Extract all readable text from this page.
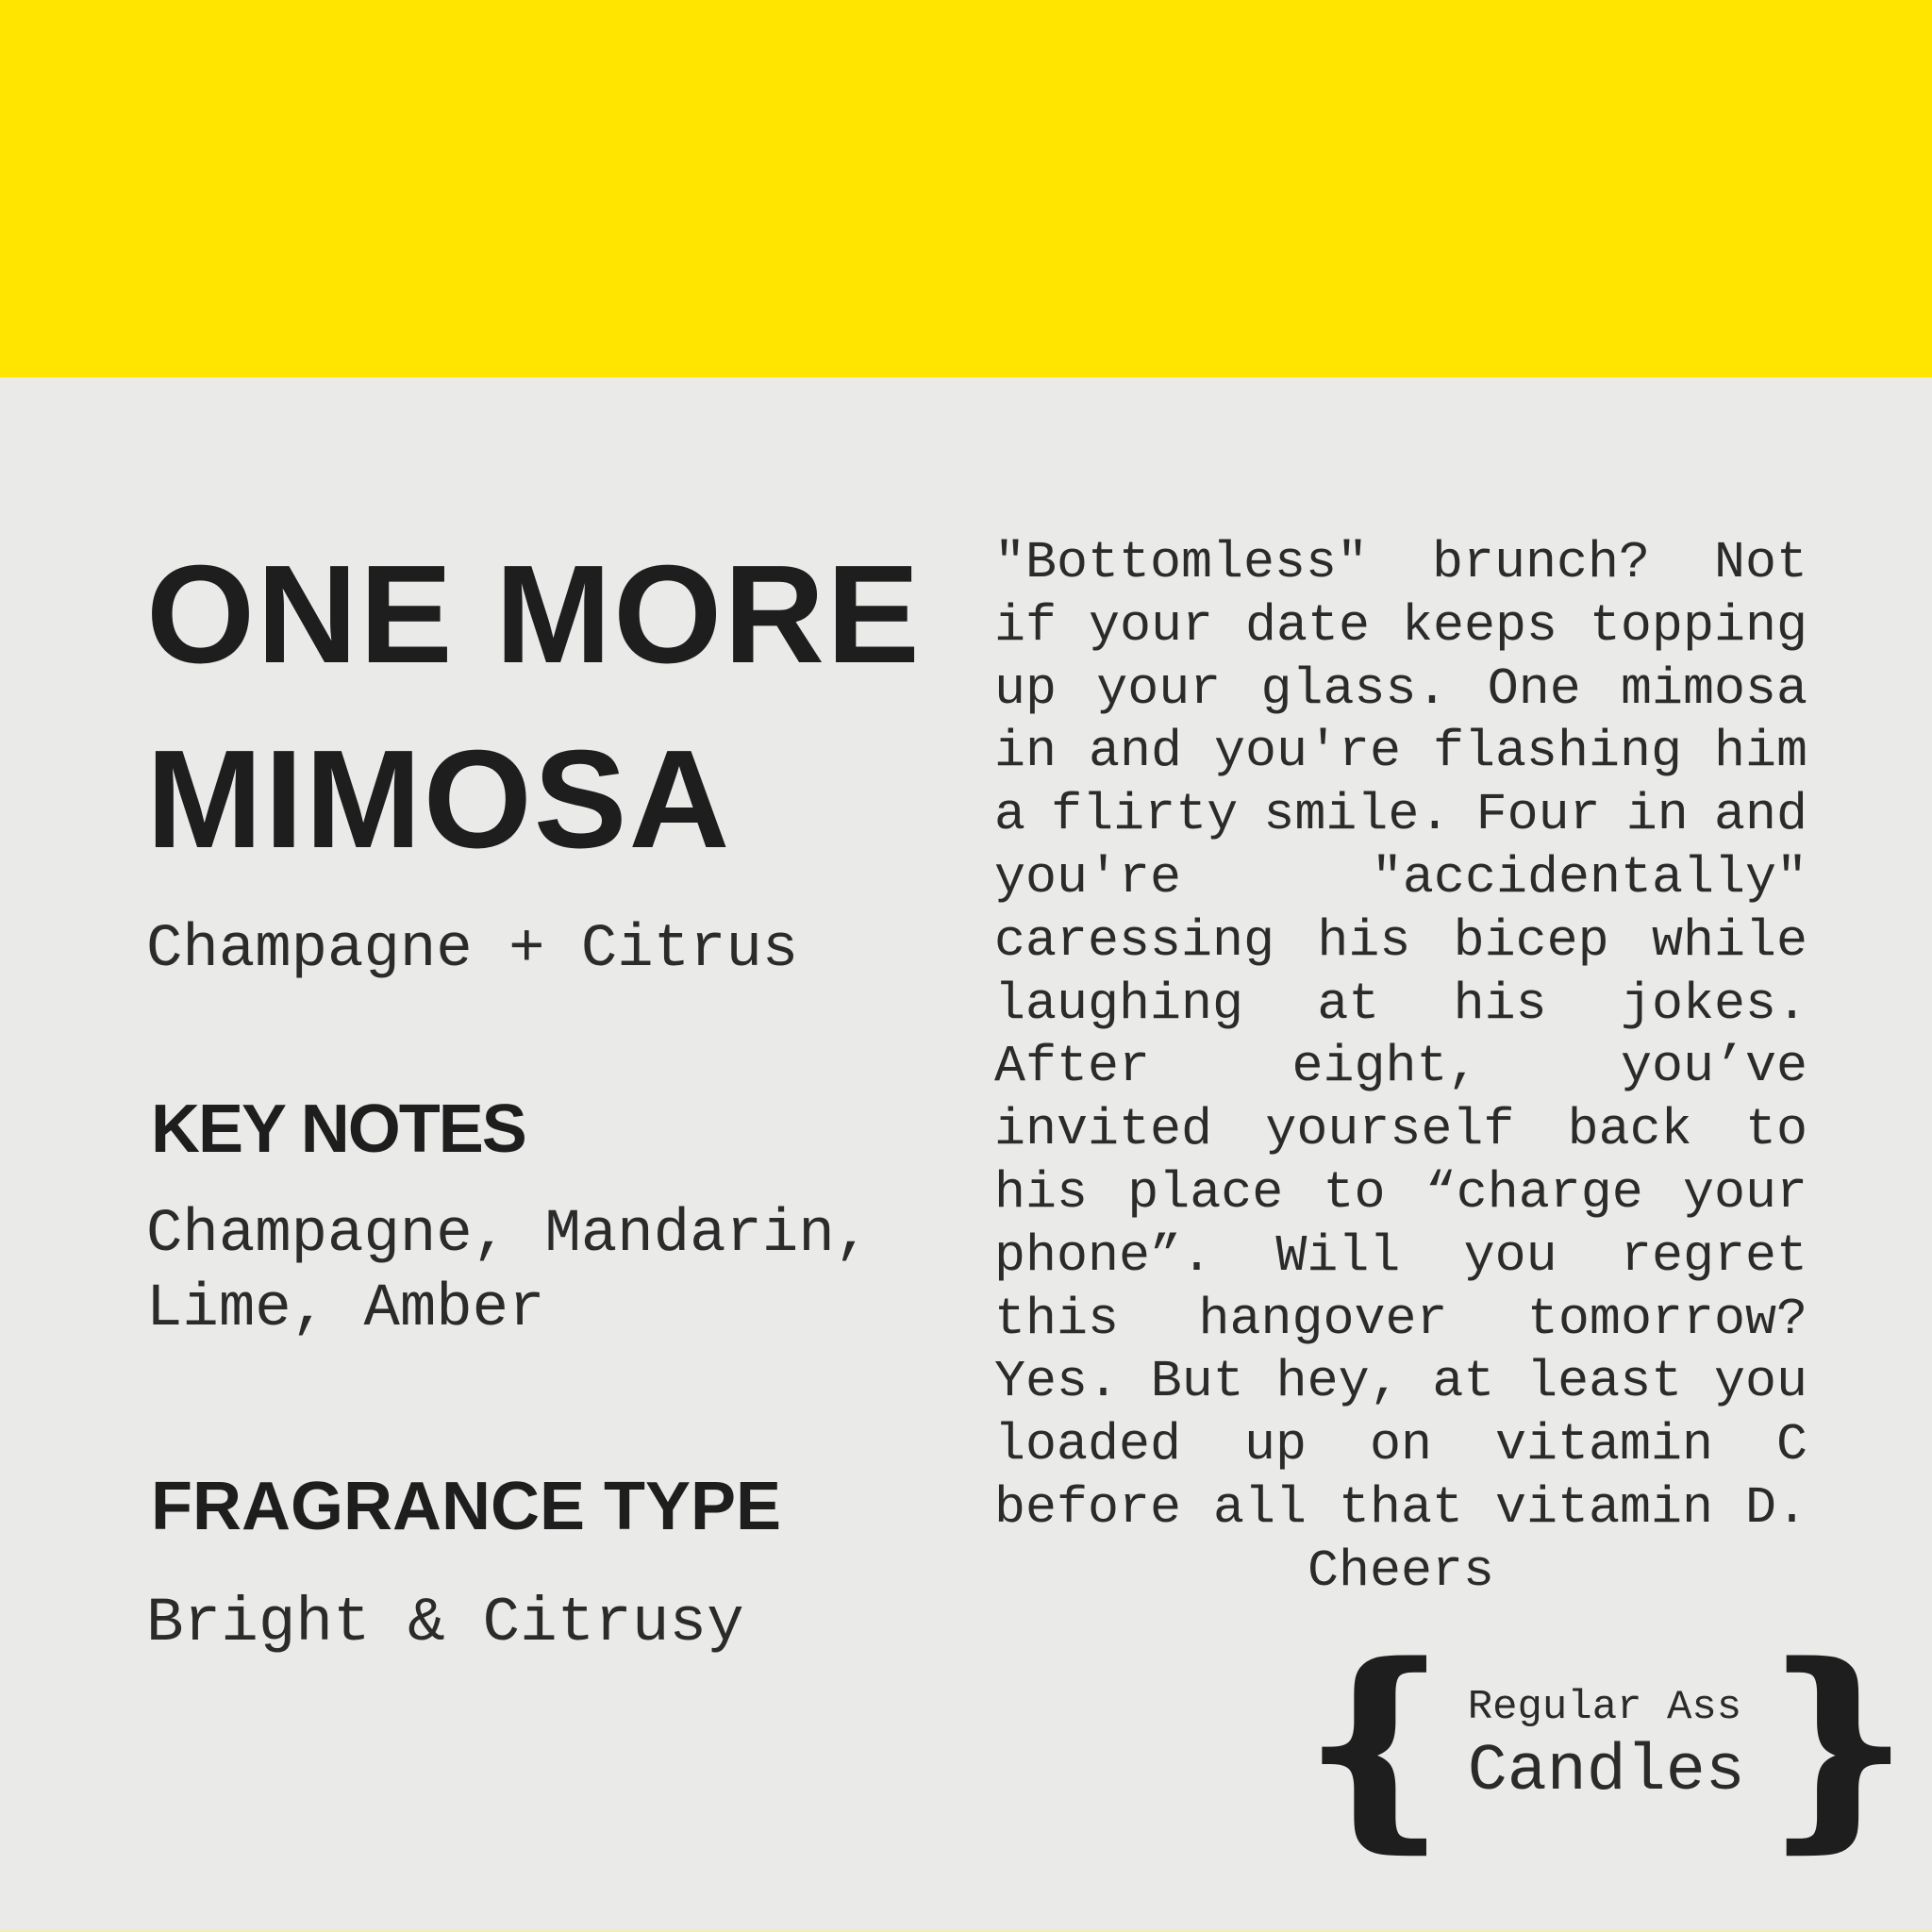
ONE MORE
MIMOSA
Champagne + Citrus
KEY NOTES
Champagne, Mandarin,
Lime, Amber
FRAGRANCE TYPE
Bright & Citrusy
"Bottomless" brunch? Not
if your date keeps topping
up your glass. One mimosa
in and you're flashing him
a flirty smile. Four in and
you're	"accidentally"
caressing his bicep while
laughing at his jokes.
After	eight,	you’ve
invited yourself back to
his place to “charge your
phone”. Will you regret
this hangover tomorrow?
Yes. But hey, at least you
loaded up on vitamin C
before all that vitamin D.
Cheers
{ Regular Ass
Candles }
